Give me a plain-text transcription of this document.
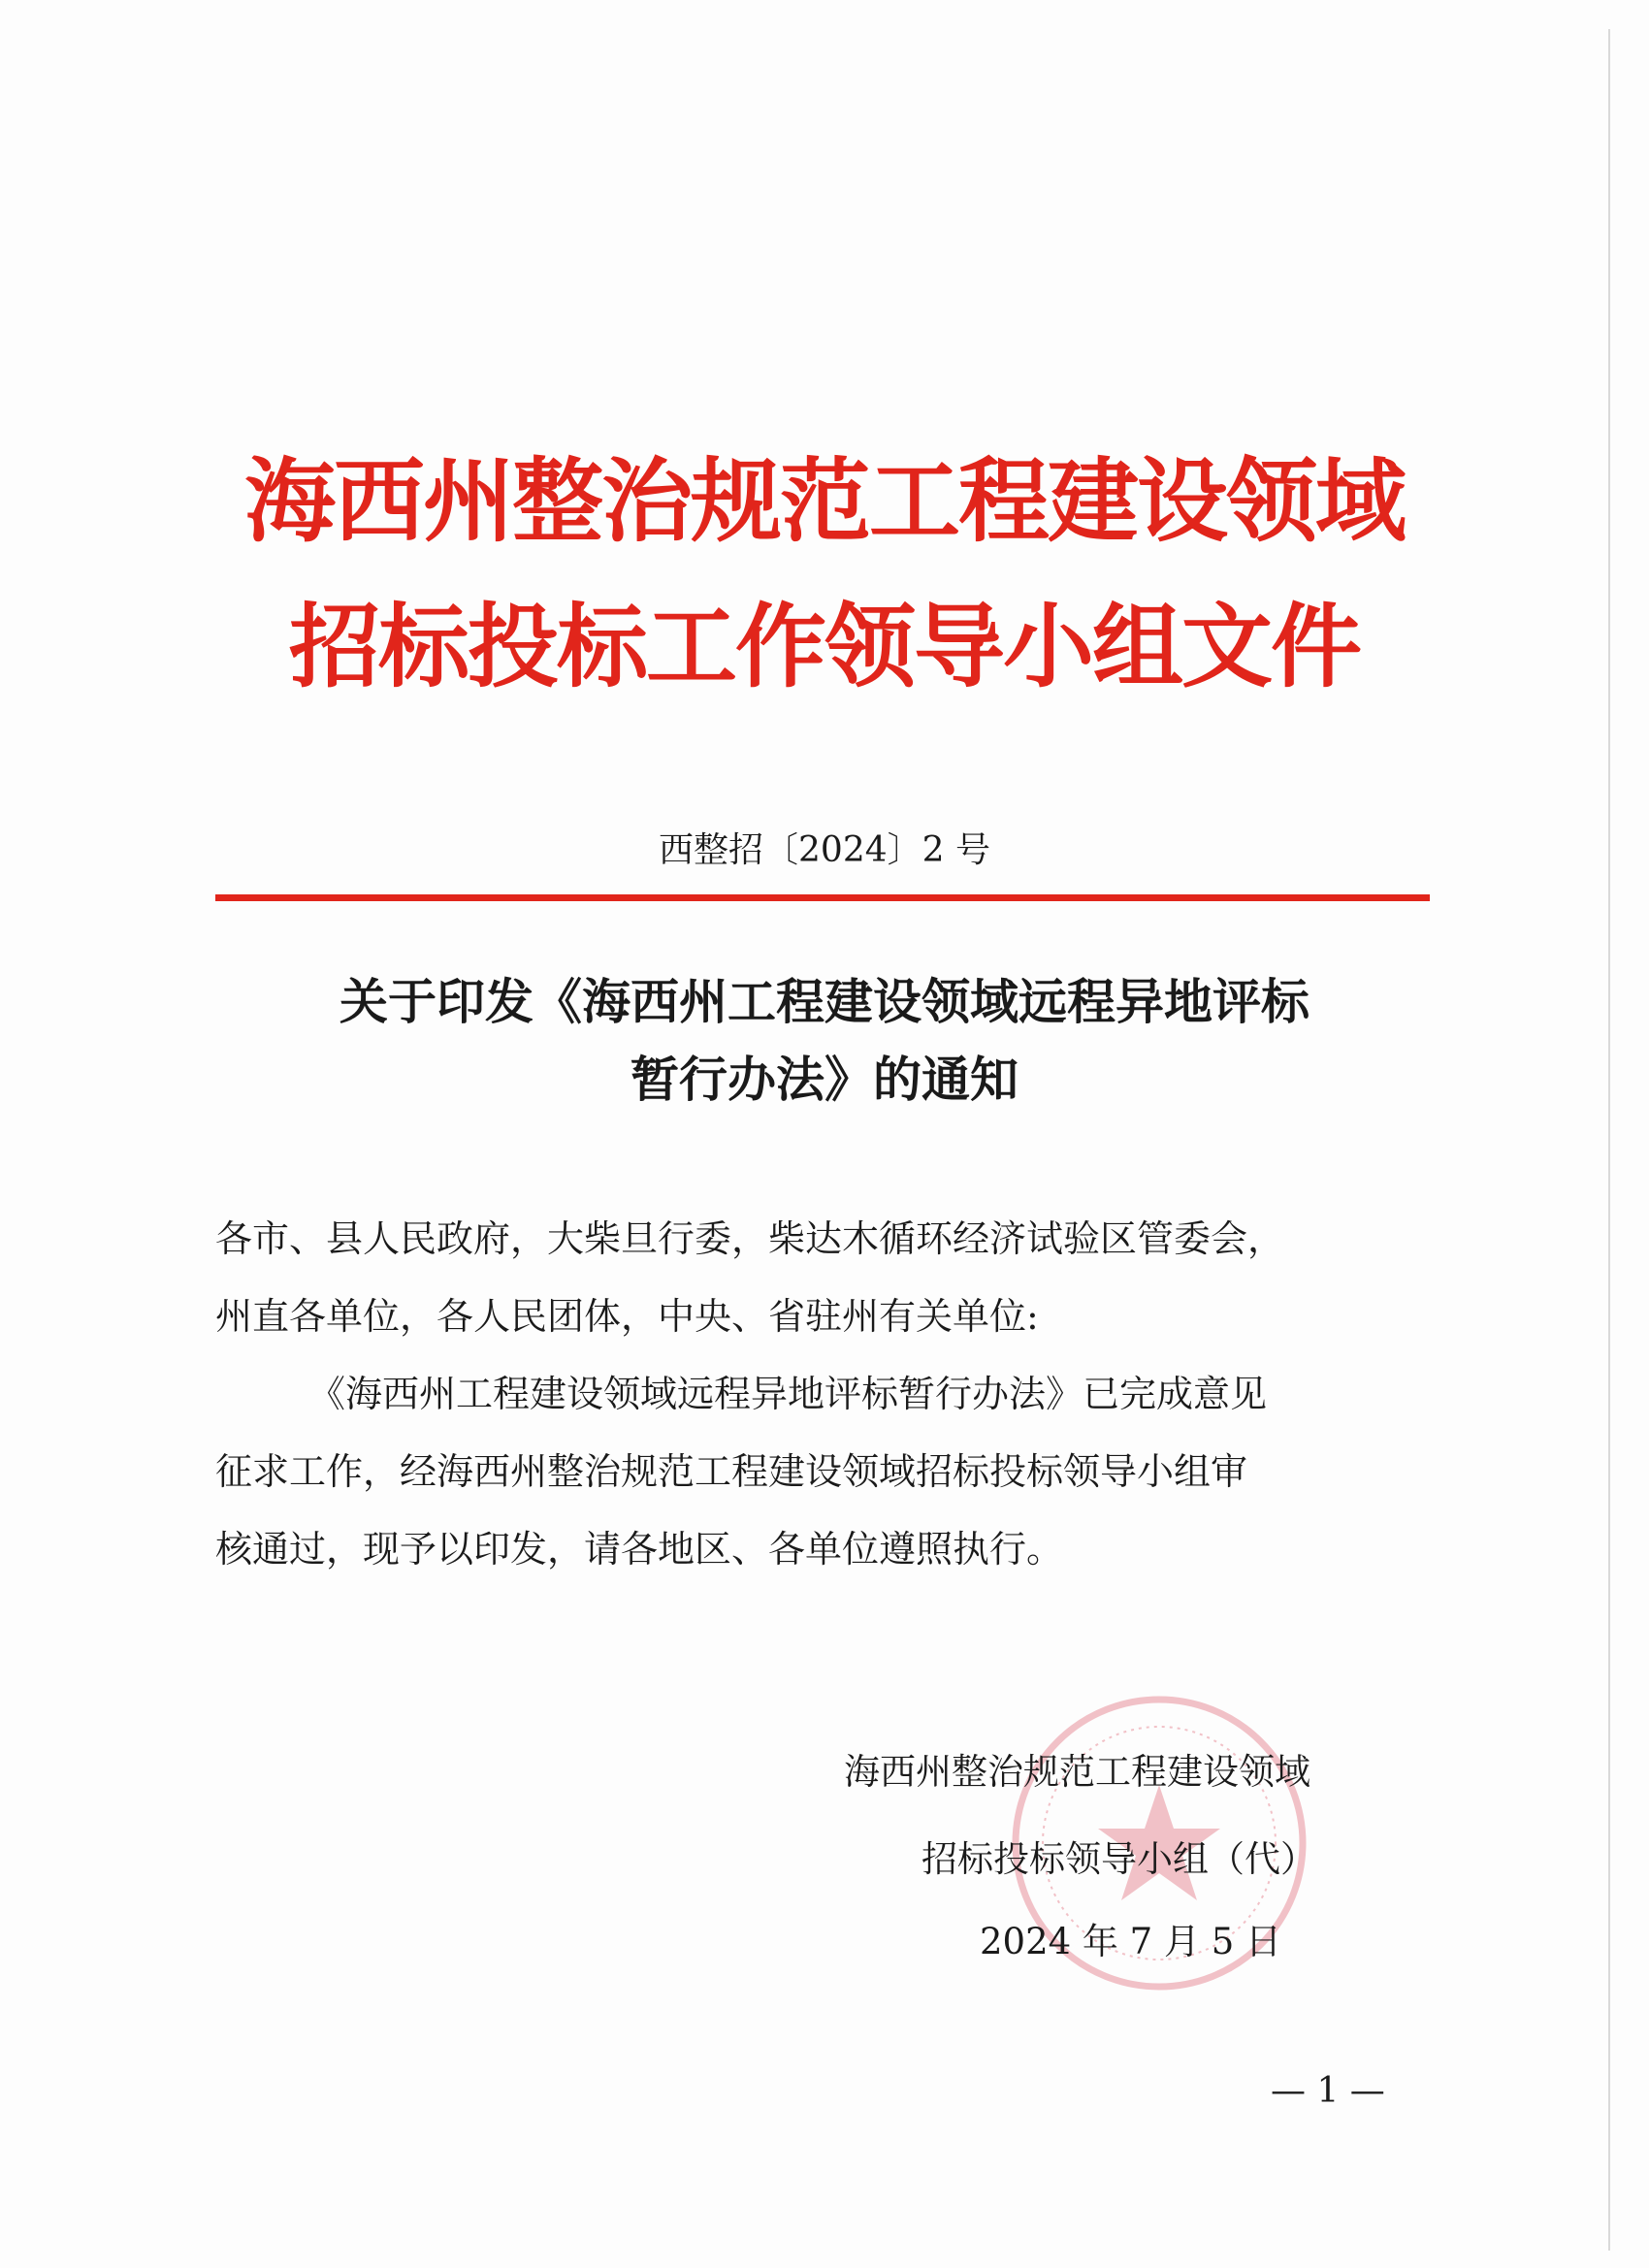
海西州整治规范工程建设领域
招标投标工作领导小组文件
西整招〔2024〕2 号
关于印发《海西州工程建设领域远程异地评标
暂行办法》的通知
各市、县人民政府，大柴旦行委，柴达木循环经济试验区管委会，
州直各单位，各人民团体，中央、省驻州有关单位:
《海西州工程建设领域远程异地评标暂行办法》已完成意见
征求工作，经海西州整治规范工程建设领域招标投标领导小组审
核通过，现予以印发，请各地区、各单位遵照执行。
海西州整治规范工程建设领域
招标投标领导小组（代）
2024 年 7 月 5 日
— 1 —
